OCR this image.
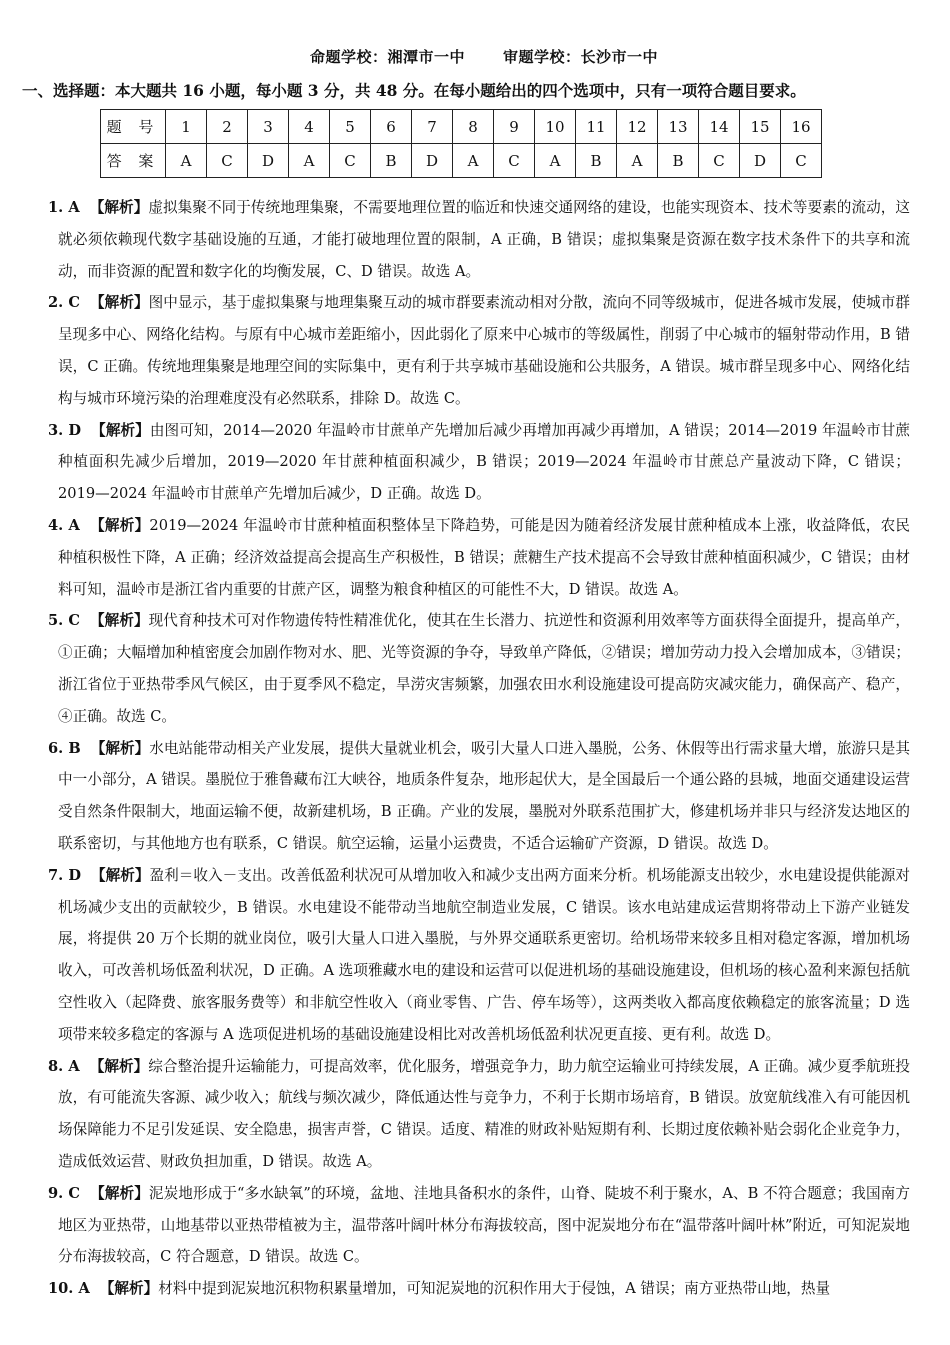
命题学校：湘潭市一中	审题学校：长沙市一中
一、选择题：本大题共 16 小题，每小题 3 分，共 48 分。在每小题给出的四个选项中，只有一项符合题目要求。
题 号	1	2	3	4	5	6	7	8	9	10	11	12	13	14	15	16
答 案	A	C	D	A	C	B	D	A	C	A	B	A	B	C	D	C
1. A 【解析】虚拟集聚不同于传统地理集聚，不需要地理位置的临近和快速交通网络的建设，也能实现资本、技术等要素的流动，这就必须依赖现代数字基础设施的互通，才能打破地理位置的限制，A 正确，B 错误；虚拟集聚是资源在数字技术条件下的共享和流动，而非资源的配置和数字化的均衡发展，C、D 错误。故选 A。
2. C 【解析】图中显示，基于虚拟集聚与地理集聚互动的城市群要素流动相对分散，流向不同等级城市，促进各城市发展，使城市群呈现多中心、网络化结构。与原有中心城市差距缩小，因此弱化了原来中心城市的等级属性，削弱了中心城市的辐射带动作用，B 错误，C 正确。传统地理集聚是地理空间的实际集中，更有利于共享城市基础设施和公共服务，A 错误。城市群呈现多中心、网络化结构与城市环境污染的治理难度没有必然联系，排除 D。故选 C。
3. D 【解析】由图可知，2014—2020 年温岭市甘蔗单产先增加后减少再增加再减少再增加，A 错误；2014—2019 年温岭市甘蔗种植面积先减少后增加，2019—2020 年甘蔗种植面积减少，B 错误；2019—2024 年温岭市甘蔗总产量波动下降，C 错误；2019—2024 年温岭市甘蔗单产先增加后减少，D 正确。故选 D。
4. A 【解析】2019—2024 年温岭市甘蔗种植面积整体呈下降趋势，可能是因为随着经济发展甘蔗种植成本上涨，收益降低，农民种植积极性下降，A 正确；经济效益提高会提高生产积极性，B 错误；蔗糖生产技术提高不会导致甘蔗种植面积减少，C 错误；由材料可知，温岭市是浙江省内重要的甘蔗产区，调整为粮食种植区的可能性不大，D 错误。故选 A。
5. C 【解析】现代育种技术可对作物遗传特性精准优化，使其在生长潜力、抗逆性和资源利用效率等方面获得全面提升，提高单产，①正确；大幅增加种植密度会加剧作物对水、肥、光等资源的争夺，导致单产降低，②错误；增加劳动力投入会增加成本，③错误；浙江省位于亚热带季风气候区，由于夏季风不稳定，旱涝灾害频繁，加强农田水利设施建设可提高防灾减灾能力，确保高产、稳产，④正确。故选 C。
6. B 【解析】水电站能带动相关产业发展，提供大量就业机会，吸引大量人口进入墨脱，公务、休假等出行需求量大增，旅游只是其中一小部分，A 错误。墨脱位于雅鲁藏布江大峡谷，地质条件复杂，地形起伏大，是全国最后一个通公路的县城，地面交通建设运营受自然条件限制大，地面运输不便，故新建机场，B 正确。产业的发展，墨脱对外联系范围扩大，修建机场并非只与经济发达地区的联系密切，与其他地方也有联系，C 错误。航空运输，运量小运费贵，不适合运输矿产资源，D 错误。故选 D。
7. D 【解析】盈利＝收入－支出。改善低盈利状况可从增加收入和减少支出两方面来分析。机场能源支出较少，水电建设提供能源对机场减少支出的贡献较少，B 错误。水电建设不能带动当地航空制造业发展，C 错误。该水电站建成运营期将带动上下游产业链发展，将提供 20 万个长期的就业岗位，吸引大量人口进入墨脱，与外界交通联系更密切。给机场带来较多且相对稳定客源，增加机场收入，可改善机场低盈利状况，D 正确。A 选项雅藏水电的建设和运营可以促进机场的基础设施建设，但机场的核心盈利来源包括航空性收入（起降费、旅客服务费等）和非航空性收入（商业零售、广告、停车场等），这两类收入都高度依赖稳定的旅客流量；D 选项带来较多稳定的客源与 A 选项促进机场的基础设施建设相比对改善机场低盈利状况更直接、更有利。故选 D。
8. A 【解析】综合整治提升运输能力，可提高效率，优化服务，增强竞争力，助力航空运输业可持续发展，A 正确。减少夏季航班投放，有可能流失客源、减少收入；航线与频次减少，降低通达性与竞争力，不利于长期市场培育，B 错误。放宽航线准入有可能因机场保障能力不足引发延误、安全隐患，损害声誉，C 错误。适度、精准的财政补贴短期有利、长期过度依赖补贴会弱化企业竞争力，造成低效运营、财政负担加重，D 错误。故选 A。
9. C 【解析】泥炭地形成于“多水缺氧”的环境，盆地、洼地具备积水的条件，山脊、陡坡不利于聚水，A、B 不符合题意；我国南方地区为亚热带，山地基带以亚热带植被为主，温带落叶阔叶林分布海拔较高，图中泥炭地分布在“温带落叶阔叶林”附近，可知泥炭地分布海拔较高，C 符合题意，D 错误。故选 C。
10. A 【解析】材料中提到泥炭地沉积物积累量增加，可知泥炭地的沉积作用大于侵蚀，A 错误；南方亚热带山地，热量
